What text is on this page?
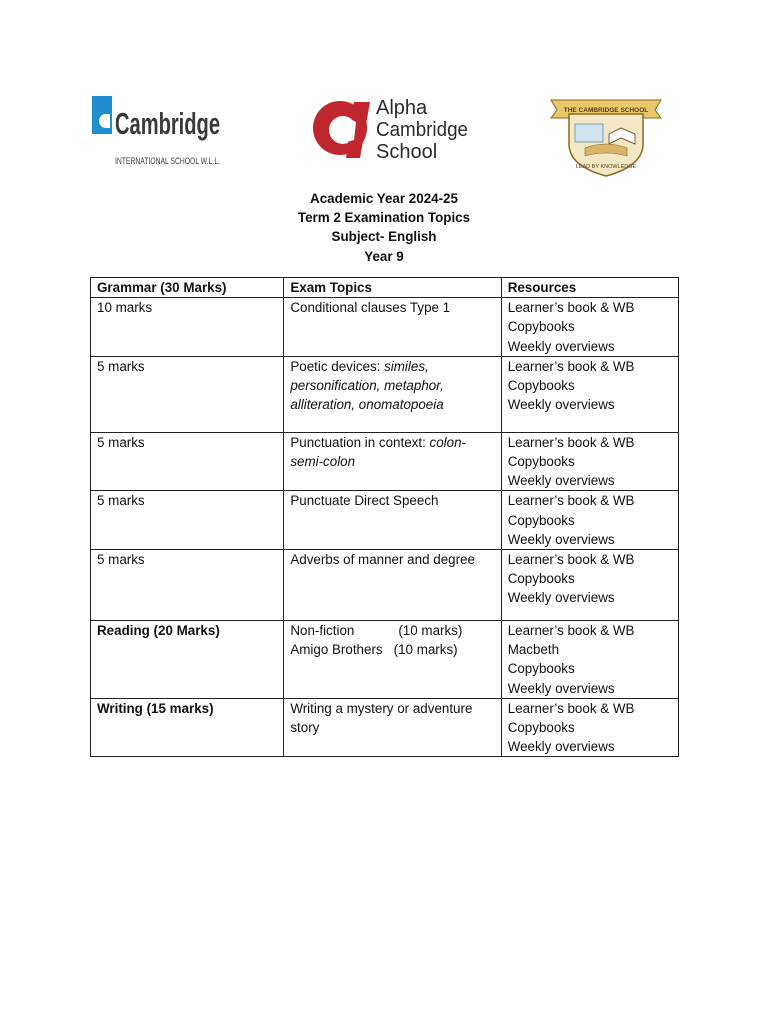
Cambridge
INTERNATIONAL SCHOOL W.L.L.
Alpha
Cambridge
School
THE CAMBRIDGE SCHOOL
LEAD BY KNOWLEDGE
Academic Year 2024-25
Term 2 Examination Topics
Subject- English
Year 9
Grammar (30 Marks)	Exam Topics	Resources
10 marks	Conditional clauses Type 1	Learner’s book & WB
Copybooks
Weekly overviews

5 marks	Poetic devices: similes,
personification, metaphor,
alliteration, onomatopoeia	Learner’s book & WB
Copybooks
Weekly overviews

5 marks	Punctuation in context: colon-
semi-colon	Learner’s book & WB
Copybooks
Weekly overviews

5 marks	Punctuate Direct Speech	Learner’s book & WB
Copybooks
Weekly overviews

5 marks	Adverbs of manner and degree	Learner’s book & WB
Copybooks
Weekly overviews

Reading (20 Marks)	Non-fiction (10 marks)
Amigo Brothers (10 marks)	Learner’s book & WB
Macbeth
Copybooks
Weekly overviews

Writing (15 marks)	Writing a mystery or adventure
story	Learner’s book & WB
Copybooks
Weekly overviews
